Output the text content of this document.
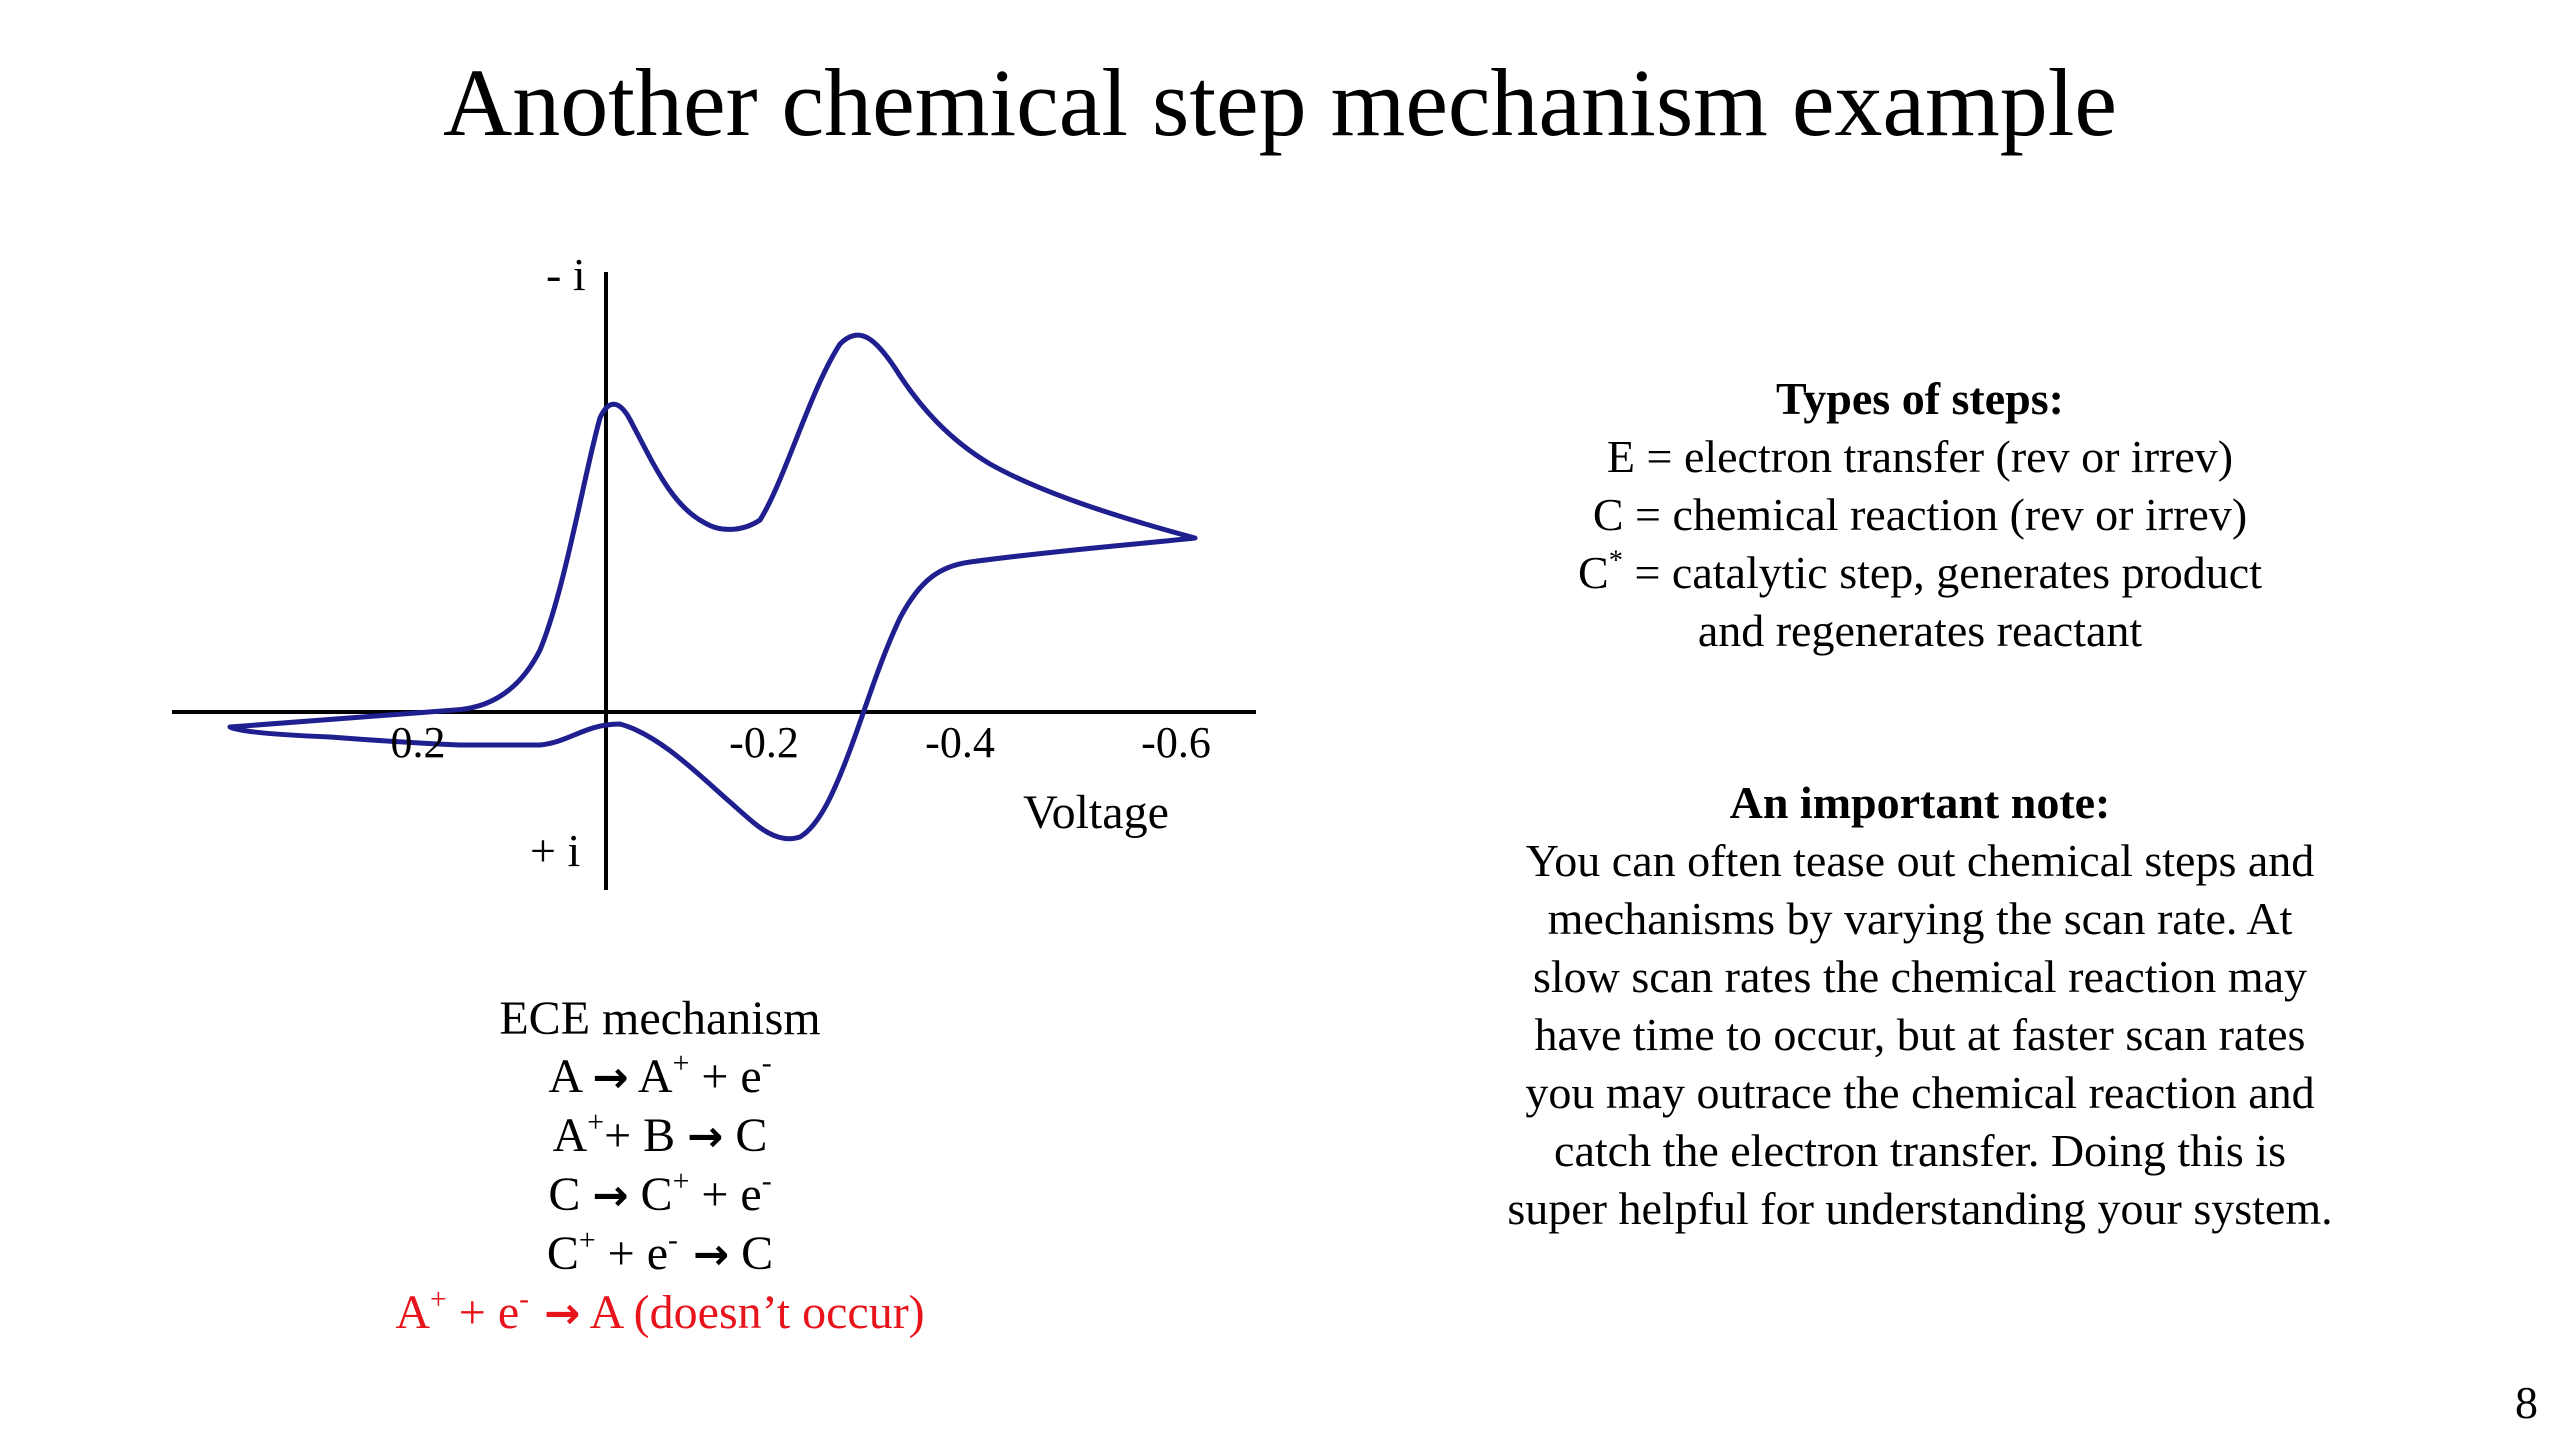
Another chemical step mechanism example
- i
+ i
0.2	-0.2	-0.4	-0.6
Voltage
ECE mechanism
A → A+ + e-
A++ B → C
C → C+ + e-
C+ + e- → C
A+ + e- → A (doesn’t occur)
Types of steps:
E = electron transfer (rev or irrev)
C = chemical reaction (rev or irrev)
C* = catalytic step, generates product
and regenerates reactant

An important note:

You can often tease out chemical steps and mechanisms by varying the scan rate. At slow scan rates the chemical reaction may have time to occur, but at faster scan rates you may outrace the chemical reaction and catch the electron transfer. Doing this is super helpful for understanding your system.

8
